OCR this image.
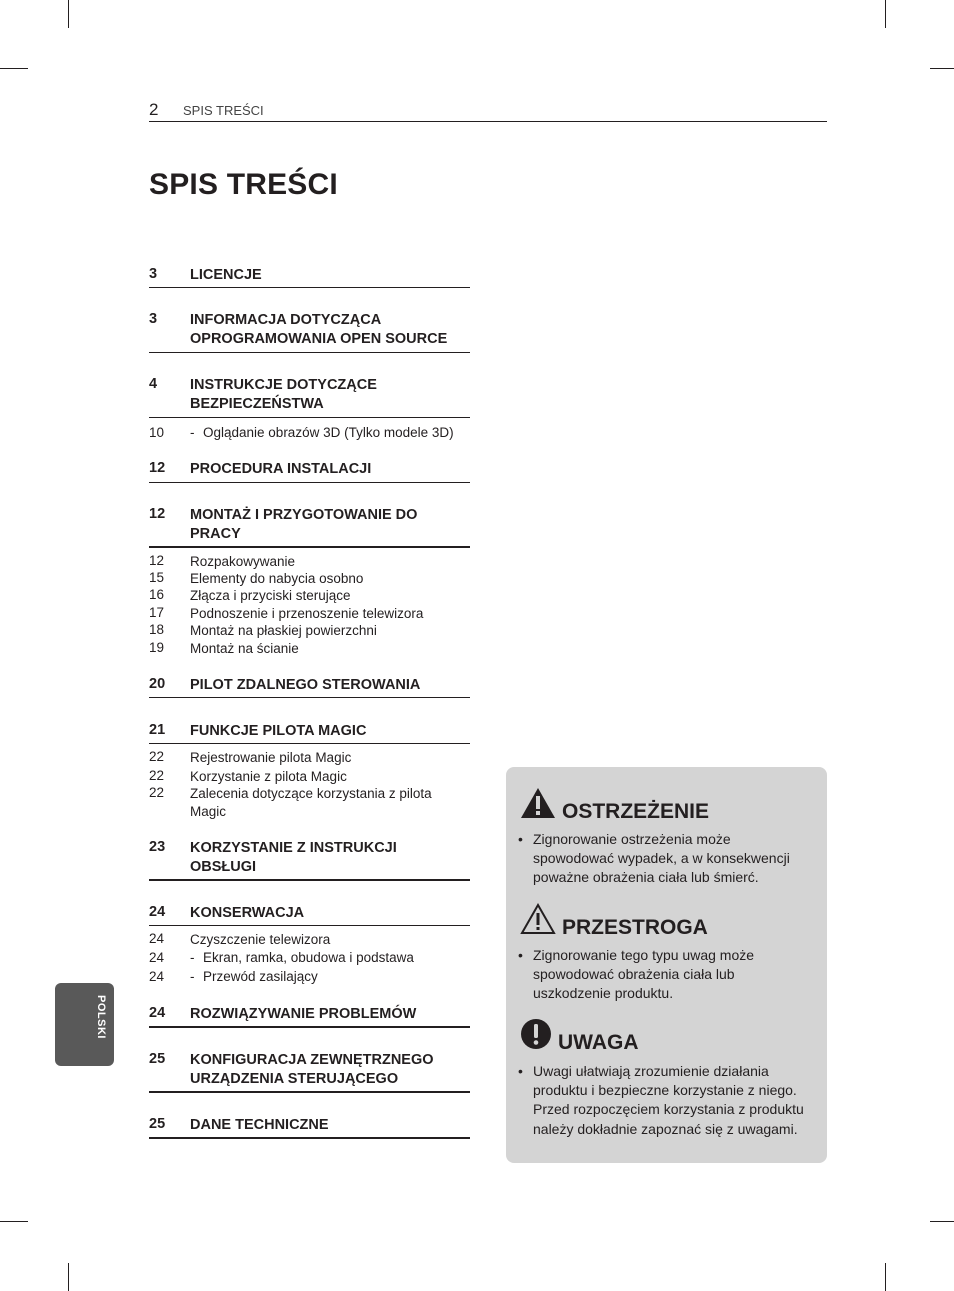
2 SPIS TREŚCI
SPIS TREŚCI
3 LICENCJE
3 INFORMACJA DOTYCZĄCA
OPROGRAMOWANIA OPEN SOURCE
4 INSTRUKCJE DOTYCZĄCE
BEZPIECZEŃSTWA
10 - Oglądanie obrazów 3D (Tylko modele 3D)
12 PROCEDURA INSTALACJI
12 MONTAŻ I PRZYGOTOWANIE DO
PRACY
12 Rozpakowywanie
15 Elementy do nabycia osobno
16 Złącza i przyciski sterujące
17 Podnoszenie i przenoszenie telewizora
18 Montaż na płaskiej powierzchni
19 Montaż na ścianie
20 PILOT ZDALNEGO STEROWANIA
21 FUNKCJE PILOTA MAGIC
22 Rejestrowanie pilota Magic
22 Korzystanie z pilota Magic
22 Zalecenia dotyczące korzystania z pilota
Magic
23 KORZYSTANIE Z INSTRUKCJI
OBSŁUGI
24 KONSERWACJA
24 Czyszczenie telewizora
24 - Ekran, ramka, obudowa i podstawa
24 - Przewód zasilający
24 ROZWIĄZYWANIE PROBLEMÓW
25 KONFIGURACJA ZEWNĘTRZNEGO
URZĄDZENIA STERUJĄCEGO
25 DANE TECHNICZNE
POLSKI
OSTRZEŻENIE
• Zignorowanie ostrzeżenia może spowodować wypadek, a w konsekwencji poważne obrażenia ciała lub śmierć.
PRZESTROGA
• Zignorowanie tego typu uwag może spowodować obrażenia ciała lub uszkodzenie produktu.
UWAGA
• Uwagi ułatwiają zrozumienie działania produktu i bezpieczne korzystanie z niego. Przed rozpoczęciem korzystania z produktu należy dokładnie zapoznać się z uwagami.
